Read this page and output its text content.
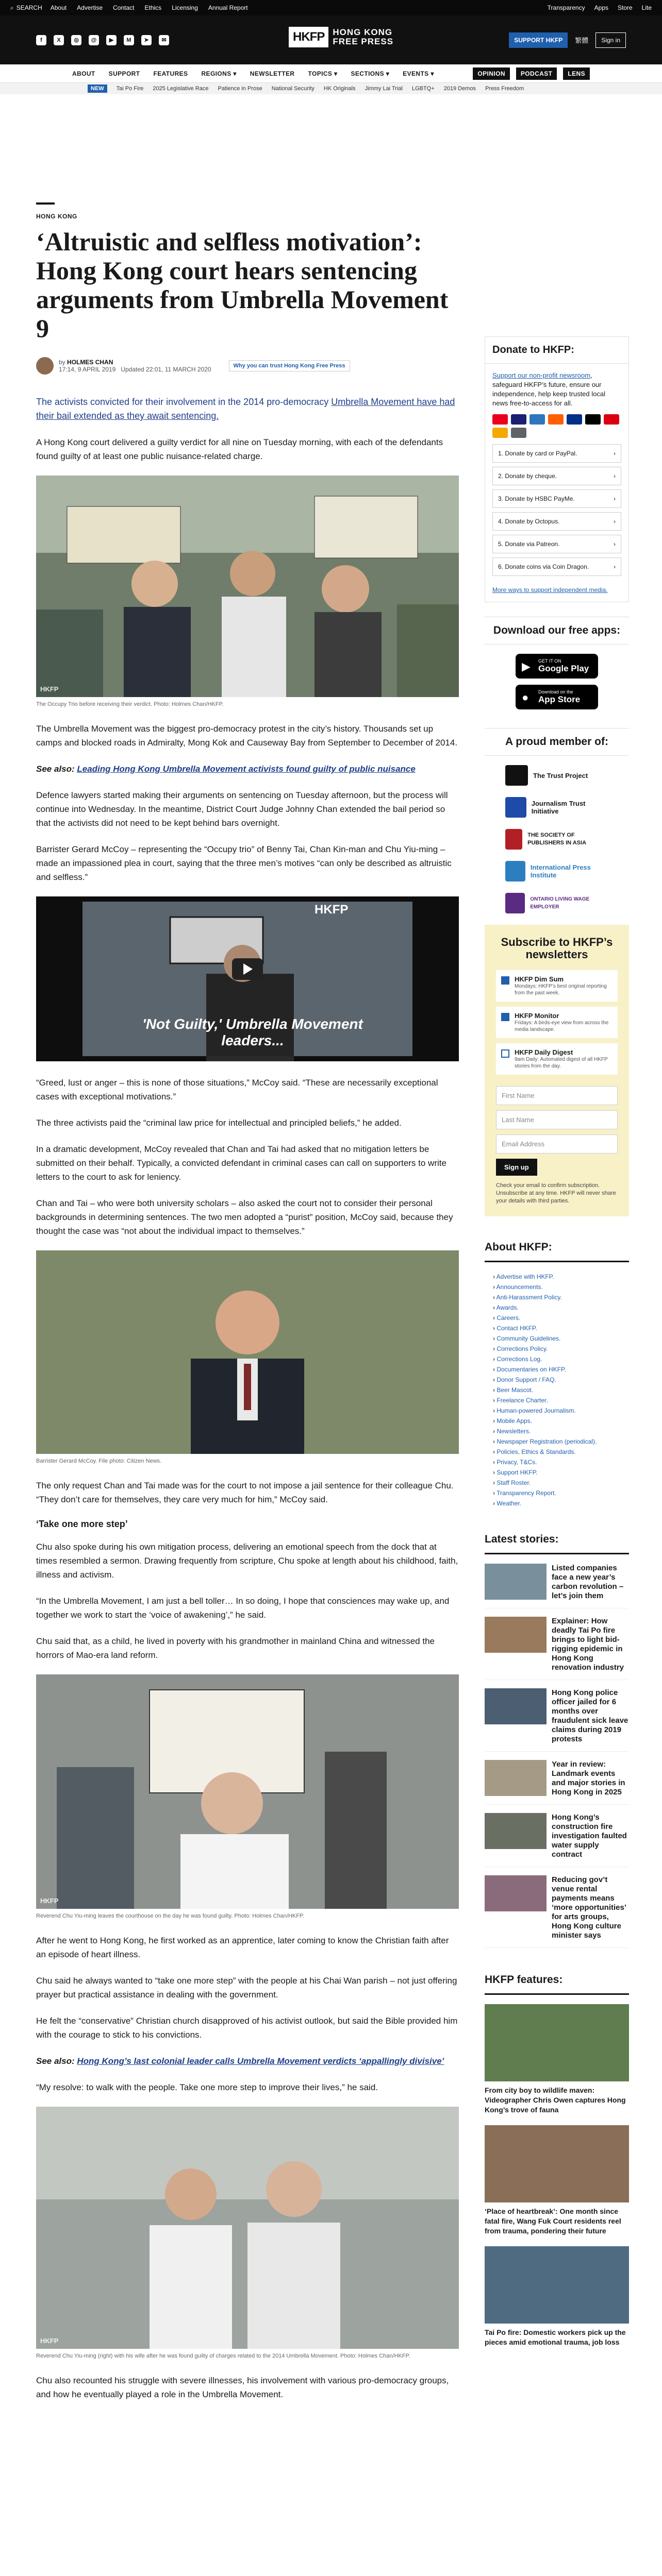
⌕ SEARCH About Advertise Contact Ethics Licensing Annual Report	Transparency Apps Store Lite
f	X	◎	@	▶	M	➤	✉	HKFP HONG KONG
FREE PRESS	SUPPORT HKFP	繁體	Sign in
ABOUT SUPPORT FEATURES REGIONS ▾ NEWSLETTER TOPICS ▾ SECTIONS ▾ EVENTS ▾	OPINION	PODCAST	LENS
NEW	Tai Po Fire 2025 Legislative Race Patience in Prose National Security HK Originals Jimmy Lai Trial LGBTQ+ 2019 Demos Press Freedom
HONG KONG
‘Altruistic and selfless motivation’: Hong Kong court hears sentencing arguments from Umbrella Movement 9
by HOLMES CHAN
17:14, 9 APRIL 2019 Updated 22:01, 11 MARCH 2020	Why you can trust Hong Kong Free Press

The activists convicted for their involvement in the 2014 pro-democracy Umbrella Movement have had their bail extended as they await sentencing.

A Hong Kong court delivered a guilty verdict for all nine on Tuesday morning, with each of the defendants found guilty of at least one public nuisance-related charge.

HKFP
The Occupy Trio before receiving their verdict. Photo: Holmes Chan/HKFP.

The Umbrella Movement was the biggest pro-democracy protest in the city’s history. Thousands set up camps and blocked roads in Admiralty, Mong Kok and Causeway Bay from September to December of 2014.

See also: Leading Hong Kong Umbrella Movement activists found guilty of public nuisance

Defence lawyers started making their arguments on sentencing on Tuesday afternoon, but the process will continue into Wednesday. In the meantime, District Court Judge Johnny Chan extended the bail period so that the activists did not need to be kept behind bars overnight.

Barrister Gerard McCoy – representing the “Occupy trio” of Benny Tai, Chan Kin-man and Chu Yiu-ming – made an impassioned plea in court, saying that the three men’s motives “can only be described as altruistic and selfless.”

HKFP
'Not Guilty,' Umbrella Movement leaders...

“Greed, lust or anger – this is none of those situations,” McCoy said. “These are necessarily exceptional cases with exceptional motivations.”

The three activists paid the “criminal law price for intellectual and principled beliefs,” he added.

In a dramatic development, McCoy revealed that Chan and Tai had asked that no mitigation letters be submitted on their behalf. Typically, a convicted defendant in criminal cases can call on supporters to write letters to the court to ask for leniency.

Chan and Tai – who were both university scholars – also asked the court not to consider their personal backgrounds in determining sentences. The two men adopted a “purist” position, McCoy said, because they thought the case was “not about the individual impact to themselves.”

Barrister Gerard McCoy. File photo: Citizen News.

The only request Chan and Tai made was for the court to not impose a jail sentence for their colleague Chu. “They don’t care for themselves, they care very much for him,” McCoy said.

‘Take one more step’

Chu also spoke during his own mitigation process, delivering an emotional speech from the dock that at times resembled a sermon. Drawing frequently from scripture, Chu spoke at length about his childhood, faith, illness and activism.

“In the Umbrella Movement, I am just a bell toller… In so doing, I hope that consciences may wake up, and together we work to start the ‘voice of awakening’,” he said.

Chu said that, as a child, he lived in poverty with his grandmother in mainland China and witnessed the horrors of Mao-era land reform.

HKFP
Reverend Chu Yiu-ming leaves the courthouse on the day he was found guilty. Photo: Holmes Chan/HKFP.

After he went to Hong Kong, he first worked as an apprentice, later coming to know the Christian faith after an episode of heart illness.

Chu said he always wanted to “take one more step” with the people at his Chai Wan parish – not just offering prayer but practical assistance in dealing with the government.

He felt the “conservative” Christian church disapproved of his activist outlook, but said the Bible provided him with the courage to stick to his convictions.

See also: Hong Kong’s last colonial leader calls Umbrella Movement verdicts ‘appallingly divisive’

“My resolve: to walk with the people. Take one more step to improve their lives,” he said.

HKFP
Reverend Chu Yiu-ming (right) with his wife after he was found guilty of charges related to the 2014 Umbrella Movement. Photo: Holmes Chan/HKFP.

Chu also recounted his struggle with severe illnesses, his involvement with various pro-democracy groups, and how he eventually played a role in the Umbrella Movement.

Donate to HKFP:
Support our non-profit newsroom, safeguard HKFP’s future, ensure our independence, help keep trusted local news free-to-access for all.
1. Donate by card or PayPal.	›
2. Donate by cheque.	›
3. Donate by HSBC PayMe.	›
4. Donate by Octopus.	›
5. Donate via Patreon.	›
6. Donate coins via Coin Dragon.	›
More ways to support independent media.
Download our free apps:
▶ GET IT ON
Google Play
● Download on the
App Store
A proud member of:
The Trust Project
Journalism Trust Initiative
THE SOCIETY OF PUBLISHERS IN ASIA
International Press Institute
ONTARIO LIVING WAGE EMPLOYER
Subscribe to HKFP’s newsletters
HKFP Dim Sum
Mondays: HKFP’s best original reporting from the past week.
HKFP Monitor
Fridays: A birds-eye view from across the media landscape.
HKFP Daily Digest
9am Daily: Automated digest of all HKFP stories from the day.
First Name
Last Name
Email Address
Sign up
Check your email to confirm subscription. Unsubscribe at any time. HKFP will never share your details with third parties.
About HKFP:
› Advertise with HKFP.
› Announcements.
› Anti-Harassment Policy.
› Awards.
› Careers.
› Contact HKFP.
› Community Guidelines.
› Corrections Policy.
› Corrections Log.
› Documentaries on HKFP.
› Donor Support / FAQ.
› Beer Mascot.
› Freelance Charter.
› Human-powered Journalism.
› Mobile Apps.
› Newsletters.
› Newspaper Registration (periodical).
› Policies, Ethics & Standards.
› Privacy, T&Cs.
› Support HKFP.
› Staff Roster.
› Transparency Report.
› Weather.
Latest stories:
Listed companies face a new year’s carbon revolution – let’s join them
Explainer: How deadly Tai Po fire brings to light bid-rigging epidemic in Hong Kong renovation industry
Hong Kong police officer jailed for 6 months over fraudulent sick leave claims during 2019 protests
Year in review: Landmark events and major stories in Hong Kong in 2025
Hong Kong’s construction fire investigation faulted water supply contract
Reducing gov’t venue rental payments means ‘more opportunities’ for arts groups, Hong Kong culture minister says
HKFP features:
From city boy to wildlife maven: Videographer Chris Owen captures Hong Kong’s trove of fauna
‘Place of heartbreak’: One month since fatal fire, Wang Fuk Court residents reel from trauma, pondering their future
Tai Po fire: Domestic workers pick up the pieces amid emotional trauma, job loss
